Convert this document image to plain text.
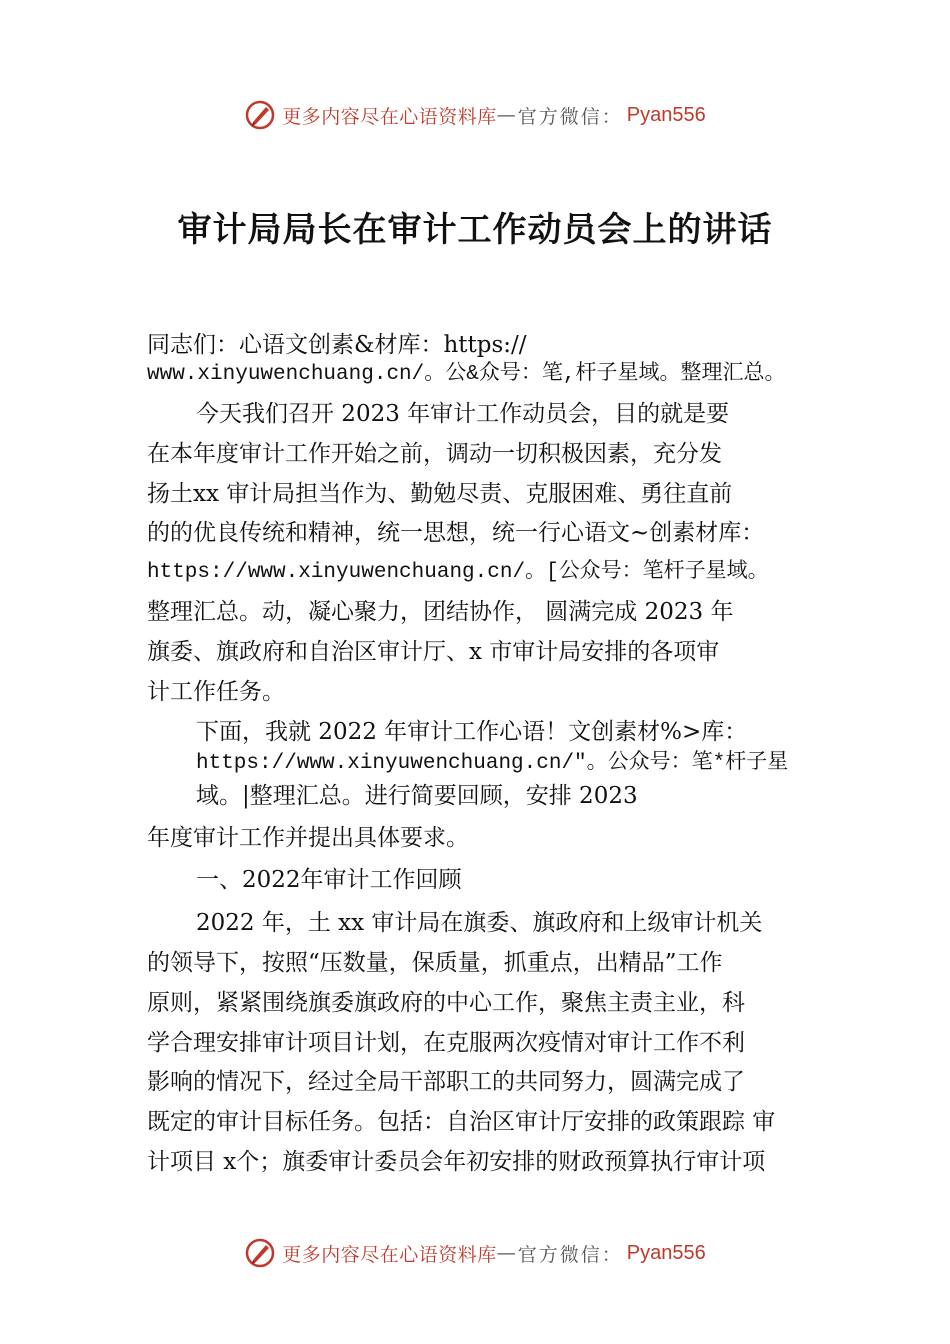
更多内容尽在心语资料库 — 官方微信： Pyan556
审计局局长在审计工作动员会上的讲话
同志们：心语文创素&材库：https://
www.xinyuwenchuang.cn/。公&众号：笔,杆子星域。整理汇总。
今天我们召开 2023 年审计工作动员会，目的就是要
在本年度审计工作开始之前，调动一切积极因素，充分发
扬土xx 审计局担当作为、勤勉尽责、克服困难、勇往直前
的的优良传统和精神，统一思想，统一行心语文~创素材库：
https://www.xinyuwenchuang.cn/。[公众号：笔杆子星域。
整理汇总。动，凝心聚力，团结协作， 圆满完成 2023 年
旗委、旗政府和自治区审计厅、x 市审计局安排的各项审
计工作任务。
下面，我就 2022 年审计工作心语！文创素材%>库：
https://www.xinyuwenchuang.cn/"。公众号：笔*杆子星
域。|整理汇总。进行简要回顾，安排 2023
年度审计工作并提出具体要求。
一、2022年审计工作回顾
2022 年，土 xx 审计局在旗委、旗政府和上级审计机关
的领导下，按照“压数量，保质量，抓重点，出精品”工作
原则，紧紧围绕旗委旗政府的中心工作，聚焦主责主业，科
学合理安排审计项目计划，在克服两次疫情对审计工作不利
影响的情况下，经过全局干部职工的共同努力，圆满完成了
既定的审计目标任务。包括：自治区审计厅安排的政策跟踪 审
计项目 x个；旗委审计委员会年初安排的财政预算执行审计项
更多内容尽在心语资料库 — 官方微信： Pyan556
